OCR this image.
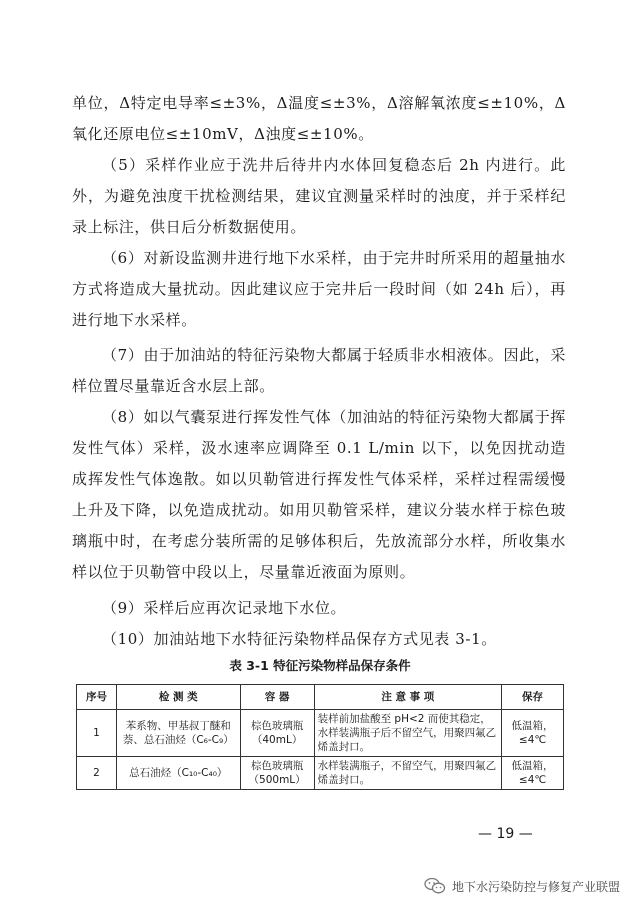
单位，Δ特定电导率≤±3%，Δ温度≤±3%，Δ溶解氧浓度≤±10%，Δ氧化还原电位≤±10mV，Δ浊度≤±10%。

（5）采样作业应于洗井后待井内水体回复稳态后 2h 内进行。此外，为避免浊度干扰检测结果，建议宜测量采样时的浊度，并于采样纪录上标注，供日后分析数据使用。

（6）对新设监测井进行地下水采样，由于完井时所采用的超量抽水方式将造成大量扰动。因此建议应于完井后一段时间（如 24h 后），再进行地下水采样。

（7）由于加油站的特征污染物大都属于轻质非水相液体。因此，采样位置尽量靠近含水层上部。

（8）如以气囊泵进行挥发性气体（加油站的特征污染物大都属于挥发性气体）采样，汲水速率应调降至 0.1 L/min 以下，以免因扰动造成挥发性气体逸散。如以贝勒管进行挥发性气体采样，采样过程需缓慢上升及下降，以免造成扰动。如用贝勒管采样，建议分装水样于棕色玻璃瓶中时，在考虑分装所需的足够体积后，先放流部分水样，所收集水样以位于贝勒管中段以上，尽量靠近液面为原则。

（9）采样后应再次记录地下水位。

（10）加油站地下水特征污染物样品保存方式见表 3-1。

表 3-1 特征污染物样品保存条件
序号	检 测 类	容 器	注 意 事 项	保存
1	苯系物、甲基叔丁醚和萘、总石油烃（C₆-C₉）	棕色玻璃瓶（40mL）	装样前加盐酸至 pH<2 而使其稳定，水样装满瓶子后不留空气，用聚四氟乙烯盖封口。	低温箱，≤4℃
2	总石油烃（C₁₀-C₄₀）	棕色玻璃瓶（500mL）	水样装满瓶子，不留空气，用聚四氟乙烯盖封口。	低温箱，≤4℃
— 19 —
地下水污染防控与修复产业联盟
